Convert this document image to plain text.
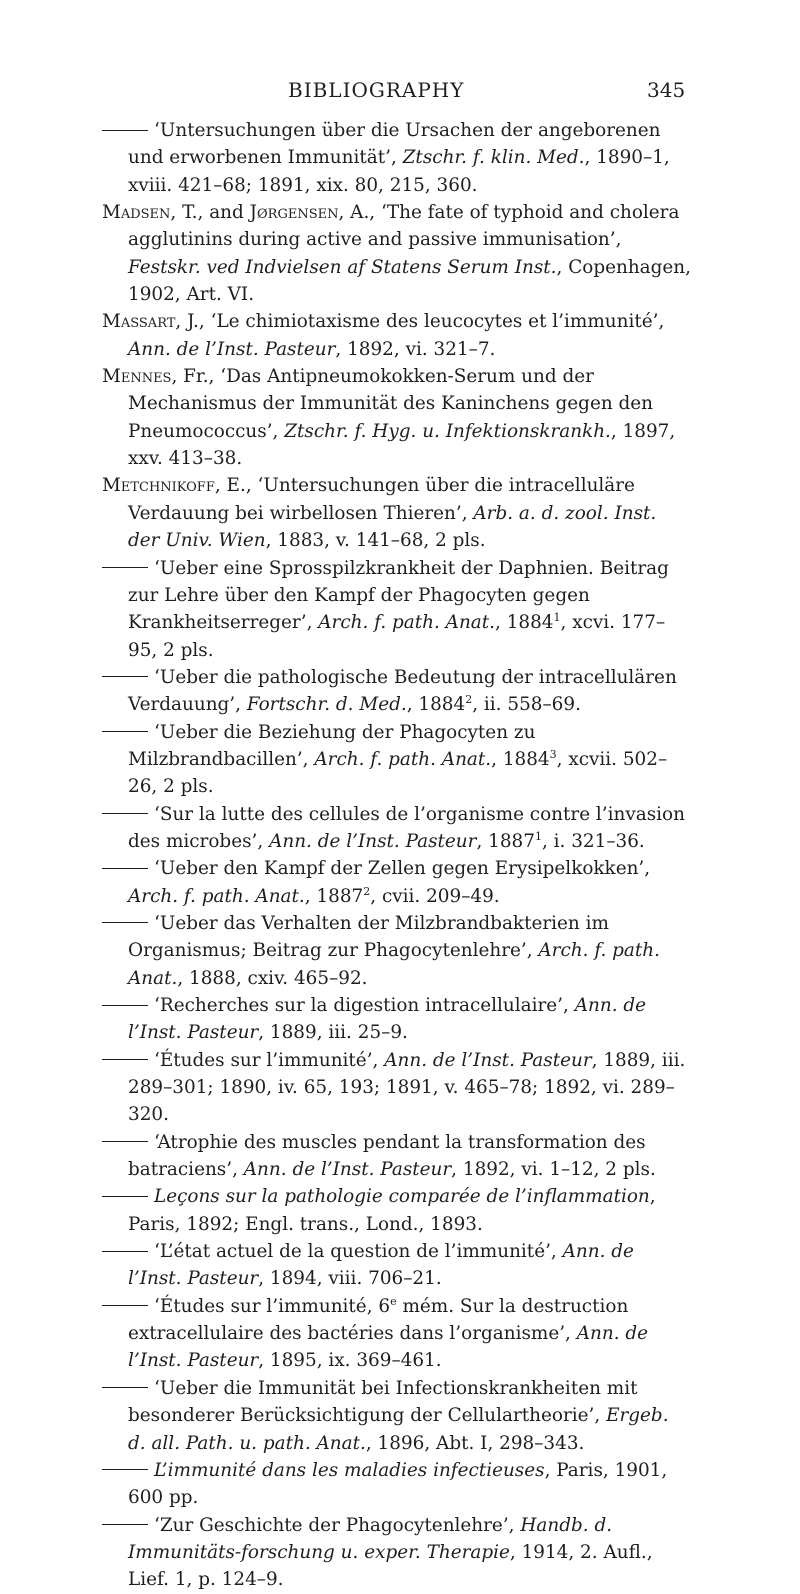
BIBLIOGRAPHY	345

‘Untersuchungen über die Ursachen der angeborenen und erworbenen Immunität’, Ztschr. f. klin. Med., 1890–1, xviii. 421–68; 1891, xix. 80, 215, 360.

Madsen, T., and Jørgensen, A., ‘The fate of typhoid and cholera agglutinins during active and passive immunisation’, Festskr. ved Indvielsen af Statens Serum Inst., Copenhagen, 1902, Art. VI.

Massart, J., ‘Le chimiotaxisme des leucocytes et l’immunité’, Ann. de l’Inst. Pasteur, 1892, vi. 321–7.

Mennes, Fr., ‘Das Antipneumokokken-Serum und der Mechanismus der Immunität des Kaninchens gegen den Pneumococcus’, Ztschr. f. Hyg. u. Infektionskrankh., 1897, xxv. 413–38.

Metchnikoff, E., ‘Untersuchungen über die intracelluläre Verdauung bei wirbellosen Thieren’, Arb. a. d. zool. Inst. der Univ. Wien, 1883, v. 141–68, 2 pls.

‘Ueber eine Sprosspilzkrankheit der Daphnien. Beitrag zur Lehre über den Kampf der Phagocyten gegen Krankheitserreger’, Arch. f. path. Anat., 1884$^1$, xcvi. 177–95, 2 pls.

‘Ueber die pathologische Bedeutung der intracellulären Verdauung’, Fortschr. d. Med., 1884$^2$, ii. 558–69.

‘Ueber die Beziehung der Phagocyten zu Milzbrandbacillen’, Arch. f. path. Anat., 1884$^3$, xcvii. 502–26, 2 pls.

‘Sur la lutte des cellules de l’organisme contre l’invasion des microbes’, Ann. de l’Inst. Pasteur, 1887$^1$, i. 321–36.

‘Ueber den Kampf der Zellen gegen Erysipelkokken’, Arch. f. path. Anat., 1887$^2$, cvii. 209–49.

‘Ueber das Verhalten der Milzbrandbakterien im Organismus; Beitrag zur Phagocytenlehre’, Arch. f. path. Anat., 1888, cxiv. 465–92.

‘Recherches sur la digestion intracellulaire’, Ann. de l’Inst. Pasteur, 1889, iii. 25–9.

‘Études sur l’immunité’, Ann. de l’Inst. Pasteur, 1889, iii. 289–301; 1890, iv. 65, 193; 1891, v. 465–78; 1892, vi. 289–320.

‘Atrophie des muscles pendant la transformation des batraciens’, Ann. de l’Inst. Pasteur, 1892, vi. 1–12, 2 pls.

Leçons sur la pathologie comparée de l’inflammation, Paris, 1892; Engl. trans., Lond., 1893.

‘L’état actuel de la question de l’immunité’, Ann. de l’Inst. Pasteur, 1894, viii. 706–21.

‘Études sur l’immunité, 6e mém. Sur la destruction extracellulaire des bactéries dans l’organisme’, Ann. de l’Inst. Pasteur, 1895, ix. 369–461.

‘Ueber die Immunität bei Infectionskrankheiten mit besonderer Berücksichtigung der Cellulartheorie’, Ergeb. d. all. Path. u. path. Anat., 1896, Abt. I, 298–343.

L’immunité dans les maladies infectieuses, Paris, 1901, 600 pp.

‘Zur Geschichte der Phagocytenlehre’, Handb. d. Immunitäts-forschung u. exper. Therapie, 1914, 2. Aufl., Lief. 1, p. 124–9.
